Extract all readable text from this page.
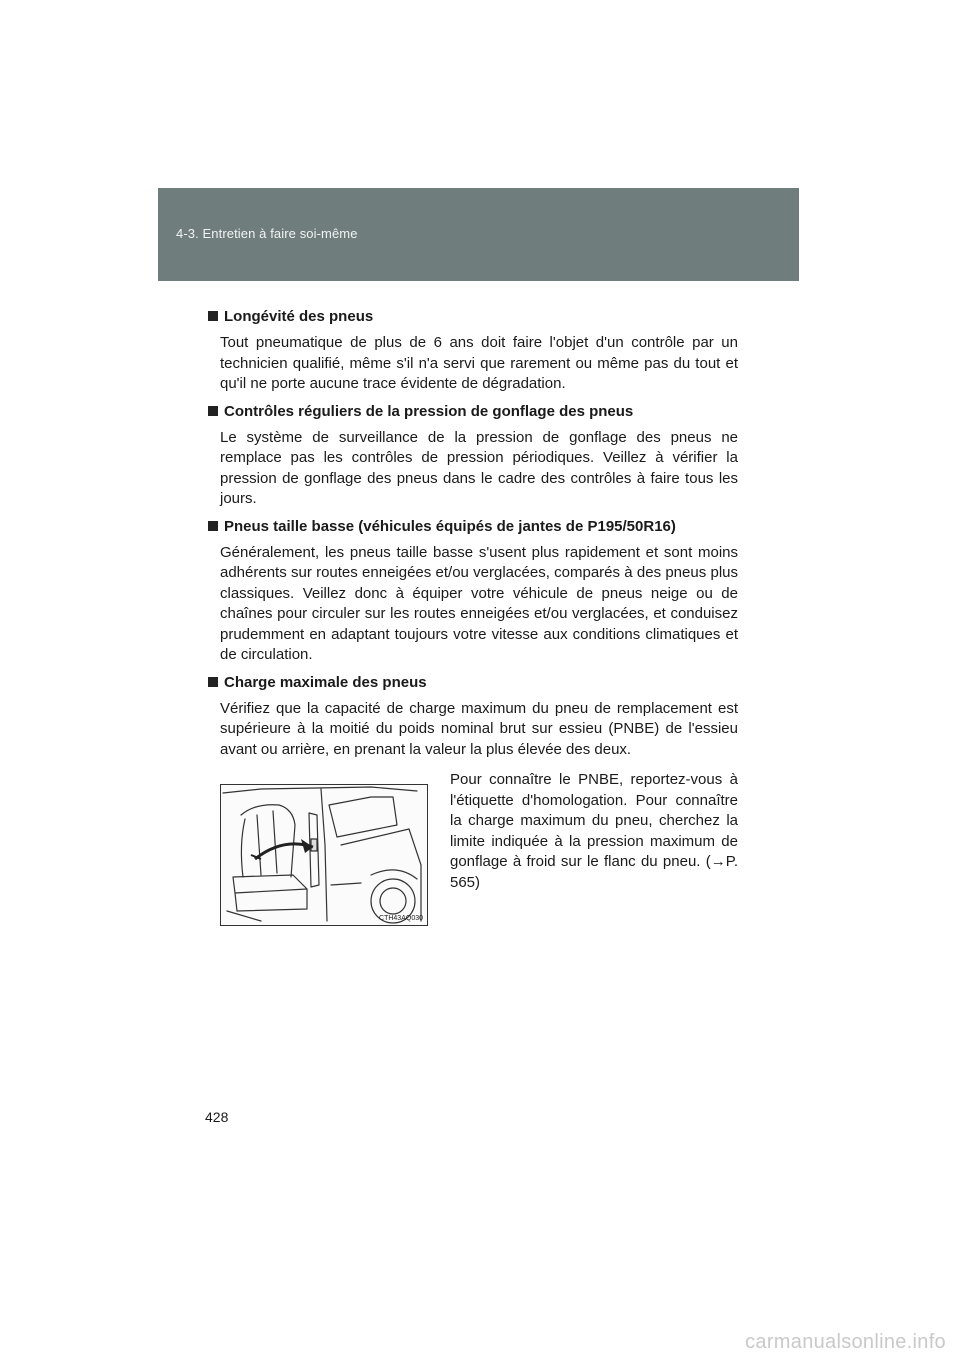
4-3. Entretien à faire soi-même
Longévité des pneus
Tout pneumatique de plus de 6 ans doit faire l'objet d'un contrôle par un technicien qualifié, même s'il n'a servi que rarement ou même pas du tout et qu'il ne porte aucune trace évidente de dégradation.
Contrôles réguliers de la pression de gonflage des pneus
Le système de surveillance de la pression de gonflage des pneus ne remplace pas les contrôles de pression périodiques. Veillez à vérifier la pression de gonflage des pneus dans le cadre des contrôles à faire tous les jours.
Pneus taille basse (véhicules équipés de jantes de P195/50R16)
Généralement, les pneus taille basse s'usent plus rapidement et sont moins adhérents sur routes enneigées et/ou verglacées, comparés à des pneus plus classiques. Veillez donc à équiper votre véhicule de pneus neige ou de chaînes pour circuler sur les routes enneigées et/ou verglacées, et conduisez prudemment en adaptant toujours votre vitesse aux conditions climatiques et de circulation.
Charge maximale des pneus
Vérifiez que la capacité de charge maximum du pneu de remplacement est supérieure à la moitié du poids nominal brut sur essieu (PNBE) de l'essieu avant ou arrière, en prenant la valeur la plus élevée des deux.
CTH43AQ030
Pour connaître le PNBE, reportez-vous à l'étiquette d'homologation. Pour connaître la charge maximum du pneu, cherchez la limite indiquée à la pression maximum de gonflage à froid sur le flanc du pneu. (→P. 565)
428
carmanualsonline.info
